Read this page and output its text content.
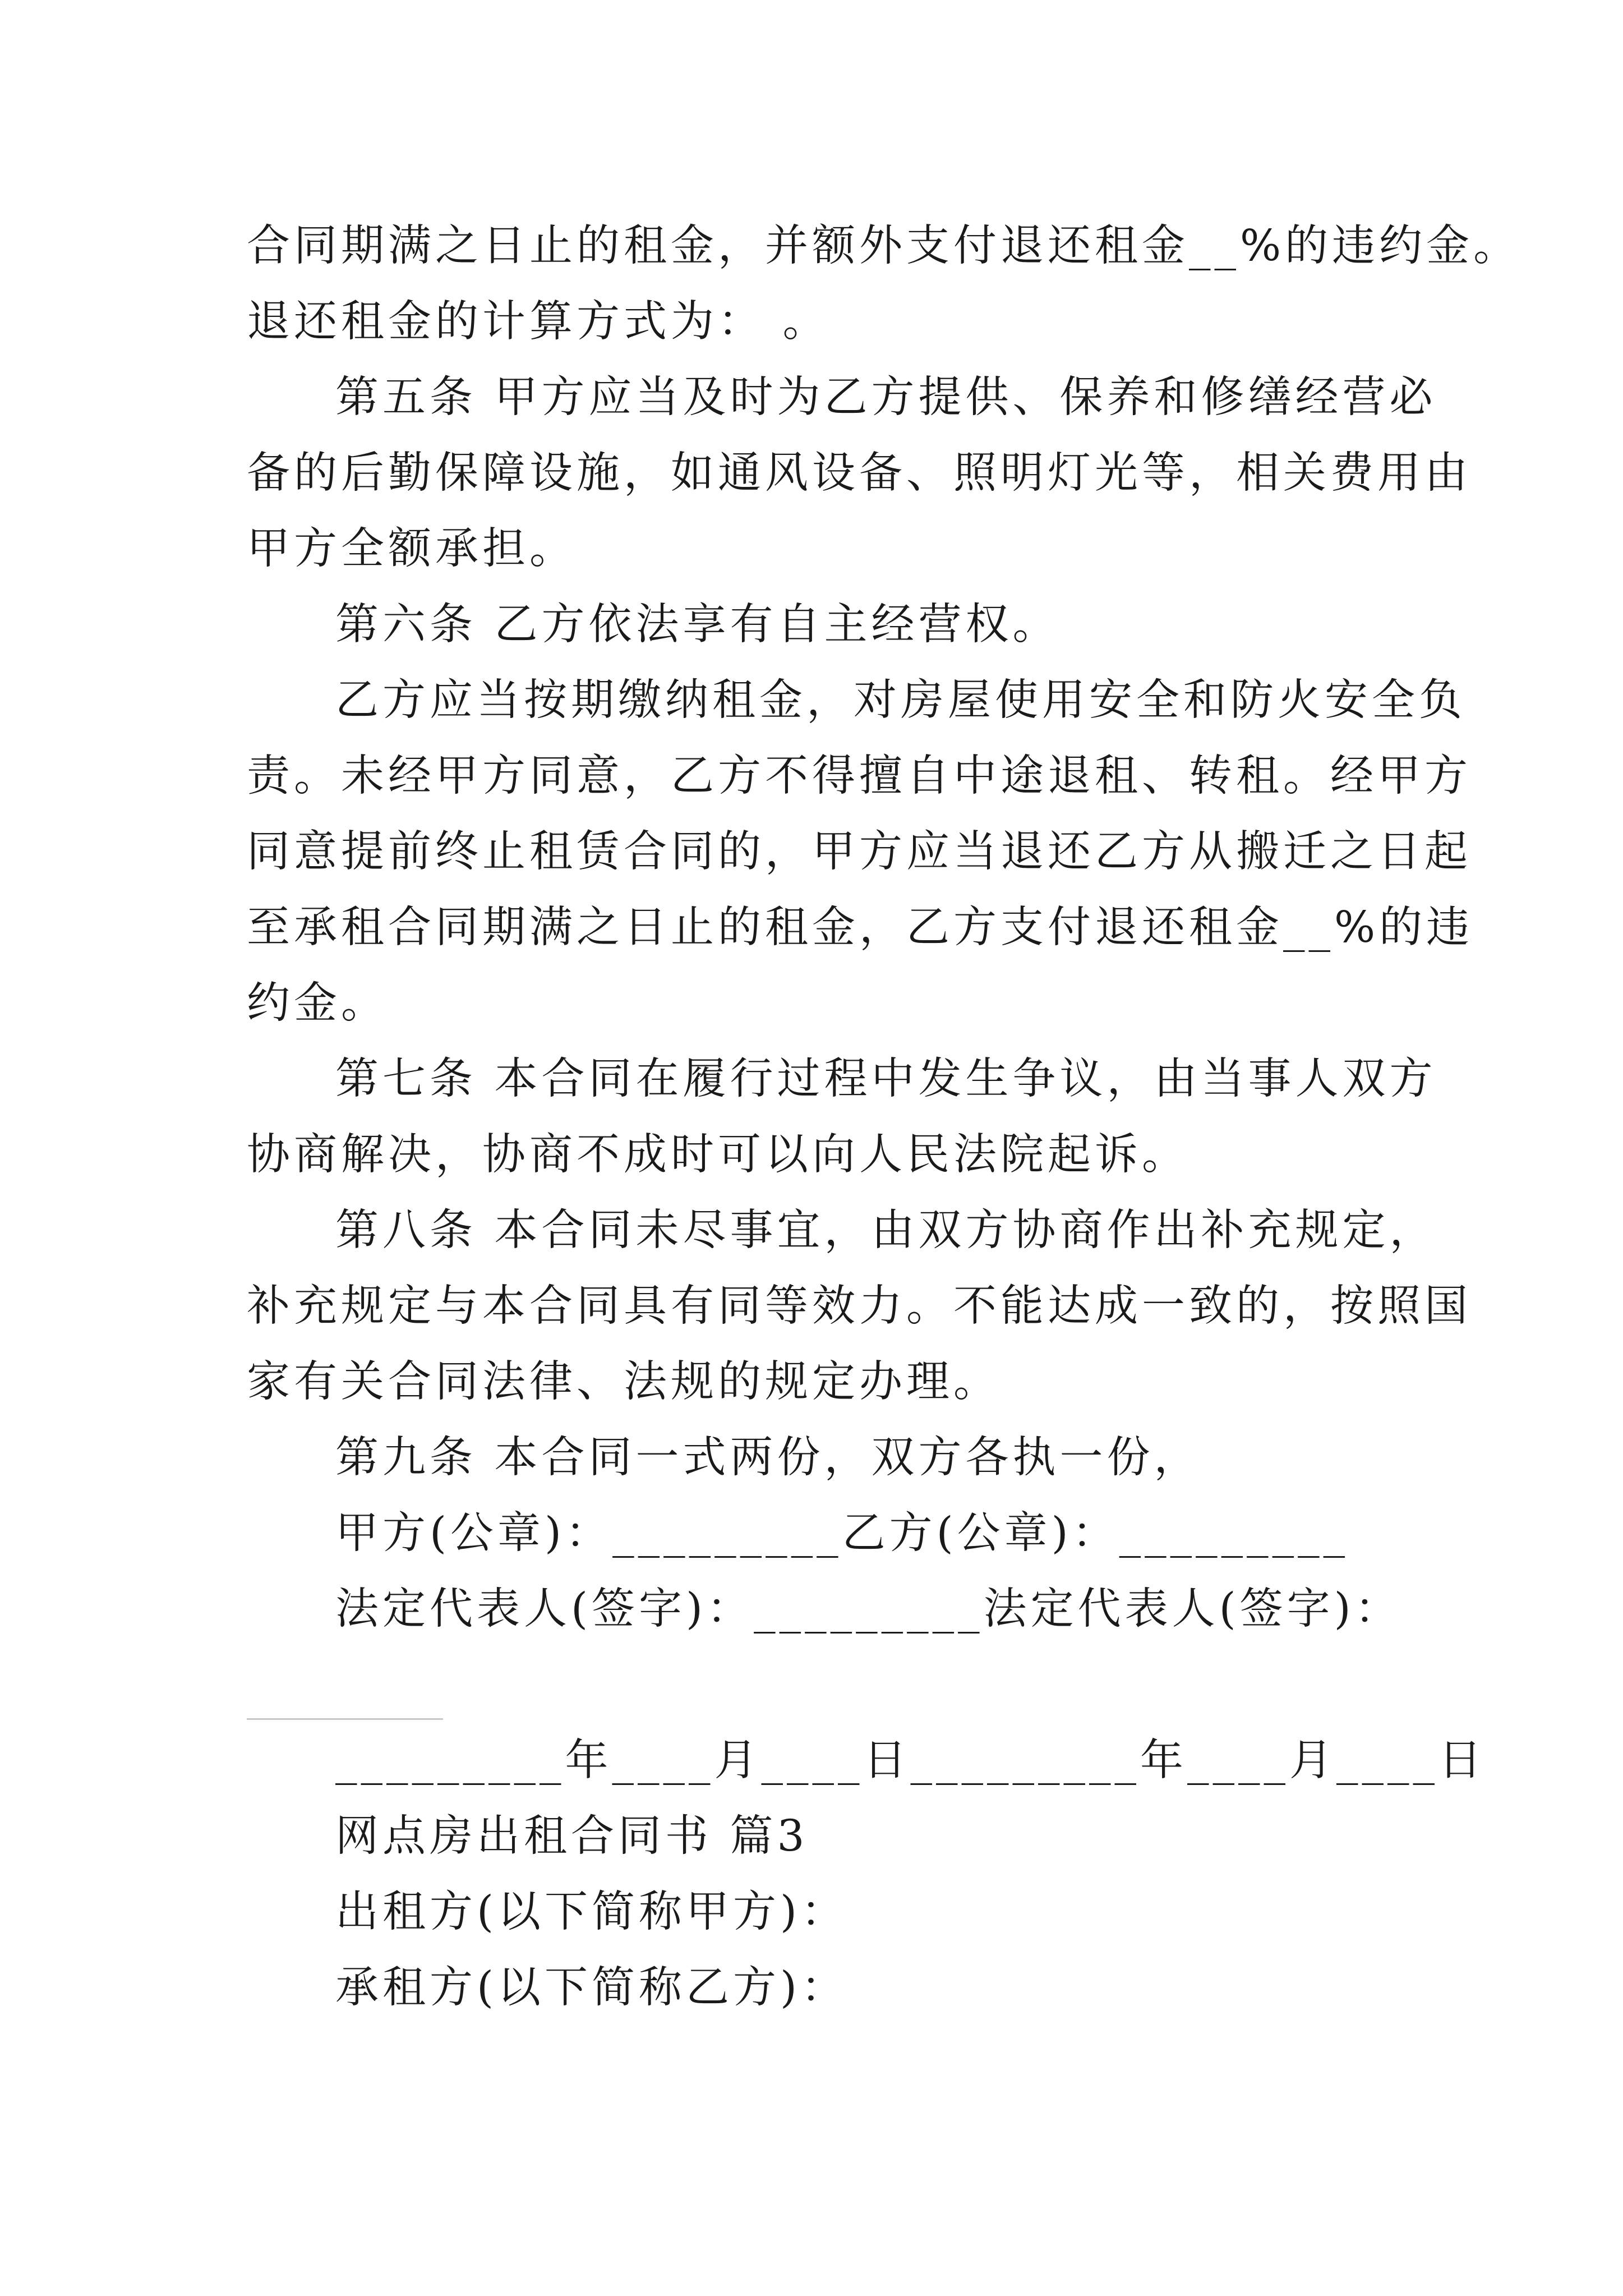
合同期满之日止的租金，并额外支付退还租金__%的违约金。
退还租金的计算方式为： 。
第五条 甲方应当及时为乙方提供、保养和修缮经营必
备的后勤保障设施，如通风设备、照明灯光等，相关费用由
甲方全额承担。
第六条 乙方依法享有自主经营权。
乙方应当按期缴纳租金，对房屋使用安全和防火安全负
责。未经甲方同意，乙方不得擅自中途退租、转租。经甲方
同意提前终止租赁合同的，甲方应当退还乙方从搬迁之日起
至承租合同期满之日止的租金，乙方支付退还租金__%的违
约金。
第七条 本合同在履行过程中发生争议，由当事人双方
协商解决，协商不成时可以向人民法院起诉。
第八条 本合同未尽事宜，由双方协商作出补充规定，
补充规定与本合同具有同等效力。不能达成一致的，按照国
家有关合同法律、法规的规定办理。
第九条 本合同一式两份，双方各执一份，
甲方(公章)：_________乙方(公章)：_________
法定代表人(签字)：_________法定代表人(签字)：
_________年____月____日_________年____月____日
网点房出租合同书 篇3
出租方(以下简称甲方)：
承租方(以下简称乙方)：
